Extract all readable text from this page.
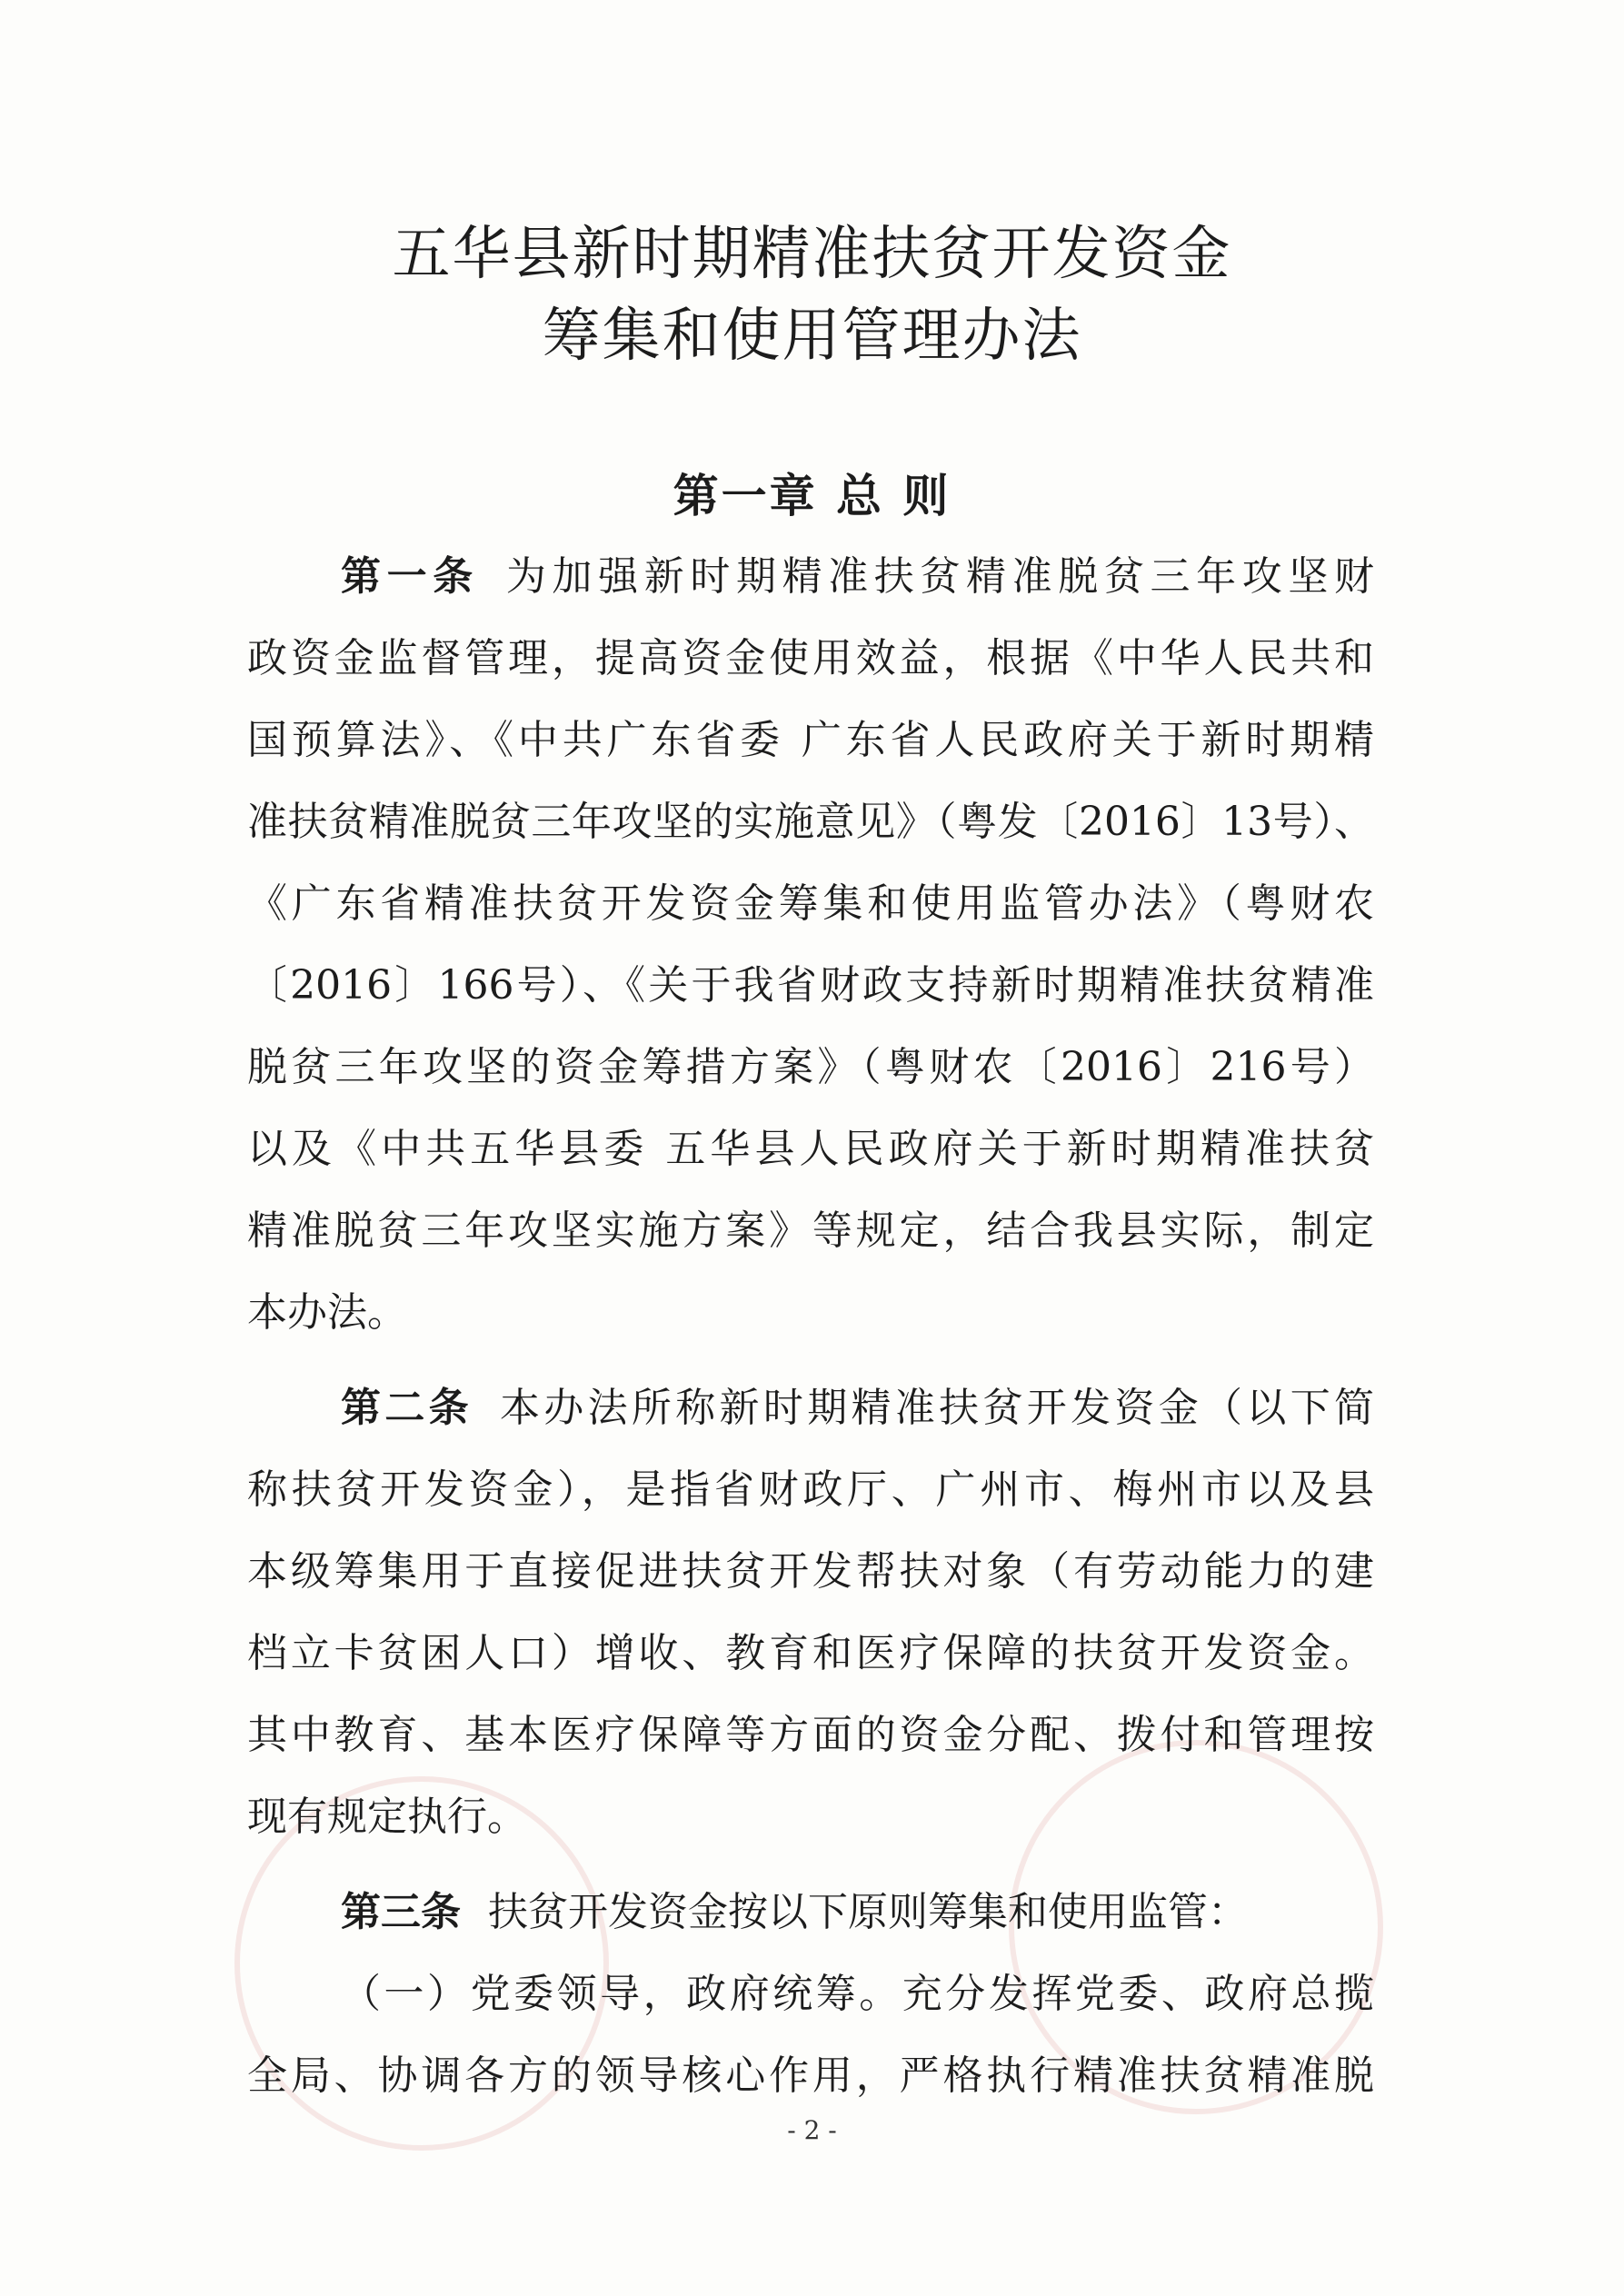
五华县新时期精准扶贫开发资金
筹集和使用管理办法
第一章 总 则
第一条 为加强新时期精准扶贫精准脱贫三年攻坚财
政资金监督管理，提高资金使用效益，根据《中华人民共和
国预算法》、《中共广东省委 广东省人民政府关于新时期精
准扶贫精准脱贫三年攻坚的实施意见》（粤发〔2016〕13号）、
《广东省精准扶贫开发资金筹集和使用监管办法》（粤财农
〔2016〕166号）、《关于我省财政支持新时期精准扶贫精准
脱贫三年攻坚的资金筹措方案》（粤财农〔2016〕216号）
以及《中共五华县委 五华县人民政府关于新时期精准扶贫
精准脱贫三年攻坚实施方案》等规定，结合我县实际，制定
本办法。
第二条 本办法所称新时期精准扶贫开发资金（以下简
称扶贫开发资金），是指省财政厅、广州市、梅州市以及县
本级筹集用于直接促进扶贫开发帮扶对象（有劳动能力的建
档立卡贫困人口）增收、教育和医疗保障的扶贫开发资金。
其中教育、基本医疗保障等方面的资金分配、拨付和管理按
现有规定执行。
第三条 扶贫开发资金按以下原则筹集和使用监管：
（一）党委领导，政府统筹。充分发挥党委、政府总揽
全局、协调各方的领导核心作用，严格执行精准扶贫精准脱
- 2 -
